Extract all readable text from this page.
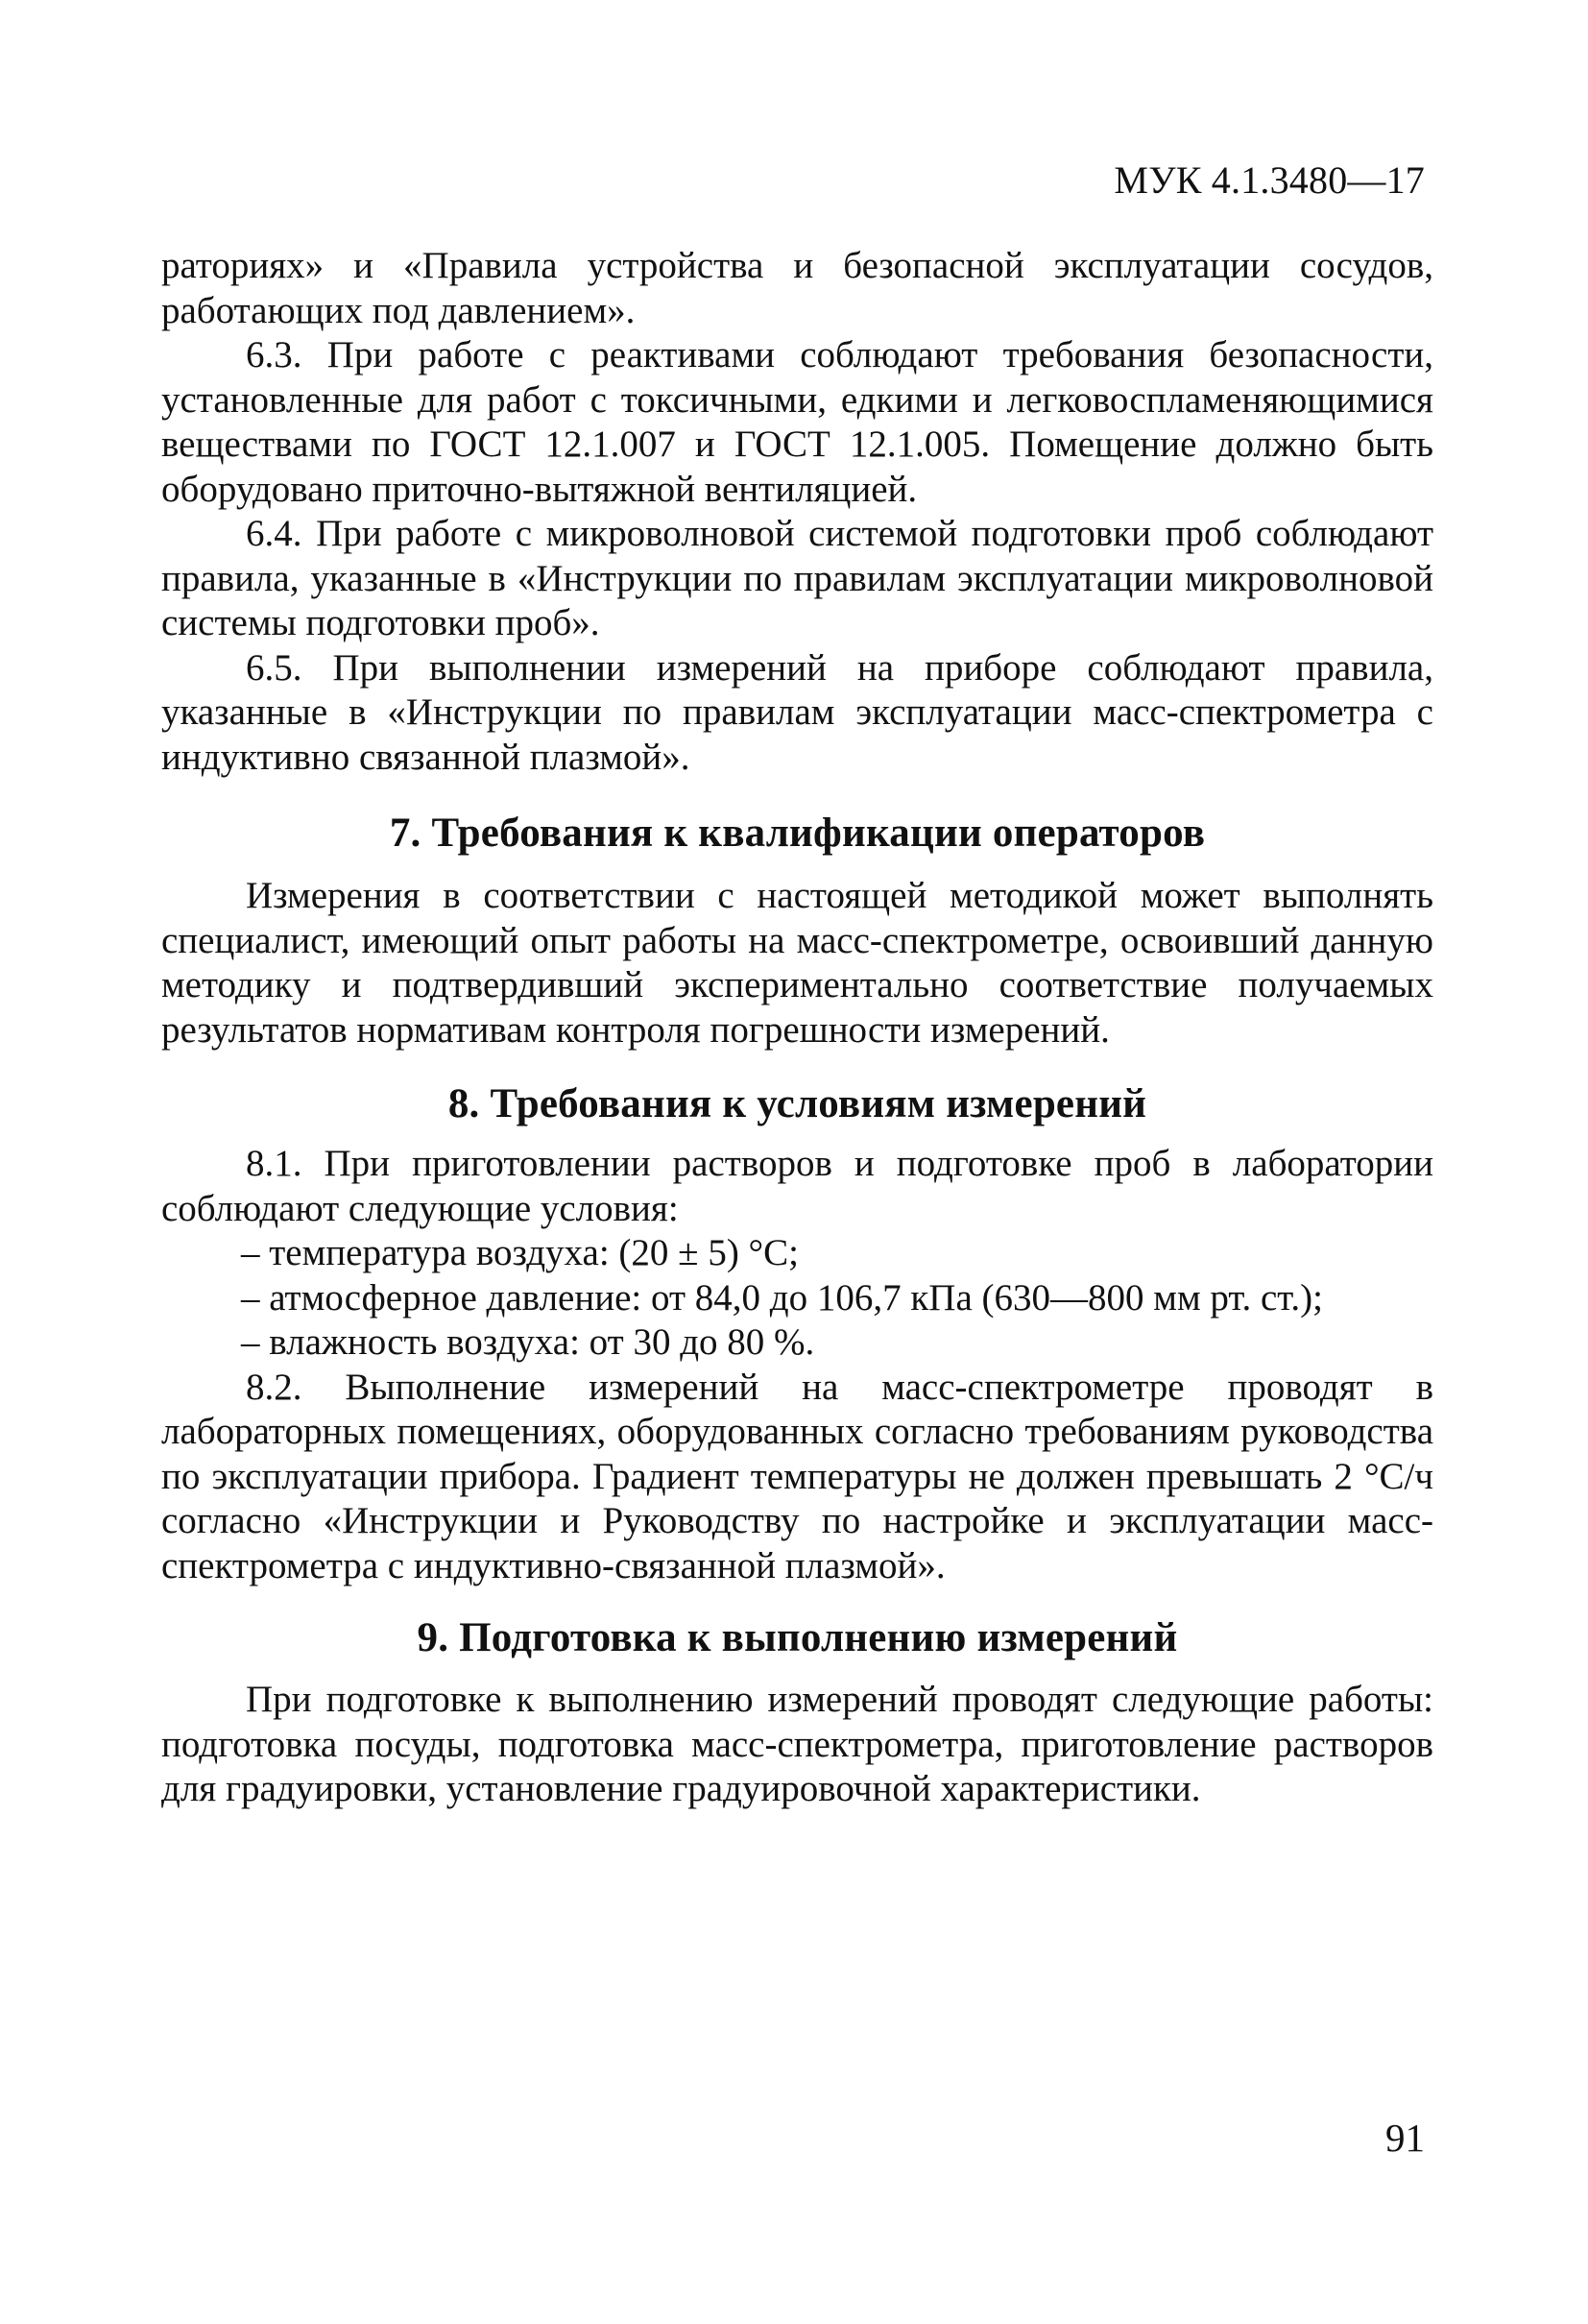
МУК 4.1.3480—17

раториях» и «Правила устройства и безопасной эксплуатации сосудов, работающих под давлением».

6.3. При работе с реактивами соблюдают требования безопасности, установленные для работ с токсичными, едкими и легковоспламеняющимися веществами по ГОСТ 12.1.007 и ГОСТ 12.1.005. Помещение должно быть оборудовано приточно-вытяжной вентиляцией.

6.4. При работе с микроволновой системой подготовки проб соблюдают правила, указанные в «Инструкции по правилам эксплуатации микроволновой системы подготовки проб».

6.5. При выполнении измерений на приборе соблюдают правила, указанные в «Инструкции по правилам эксплуатации масс-спектрометра с индуктивно связанной плазмой».

7. Требования к квалификации операторов

Измерения в соответствии с настоящей методикой может выполнять специалист, имеющий опыт работы на масс-спектрометре, освоивший данную методику и подтвердивший экспериментально соответствие получаемых результатов нормативам контроля погрешности измерений.

8. Требования к условиям измерений

8.1. При приготовлении растворов и подготовке проб в лаборатории соблюдают следующие условия:

– температура воздуха: (20 ± 5) °С;

– атмосферное давление: от 84,0 до 106,7 кПа (630—800 мм рт. ст.);

– влажность воздуха: от 30 до 80 %.

8.2. Выполнение измерений на масс-спектрометре проводят в лабораторных помещениях, оборудованных согласно требованиям руководства по эксплуатации прибора. Градиент температуры не должен превышать 2 °С/ч согласно «Инструкции и Руководству по настройке и эксплуатации масс-спектрометра с индуктивно-связанной плазмой».

9. Подготовка к выполнению измерений

При подготовке к выполнению измерений проводят следующие работы: подготовка посуды, подготовка масс-спектрометра, приготовление растворов для градуировки, установление градуировочной характеристики.

91
